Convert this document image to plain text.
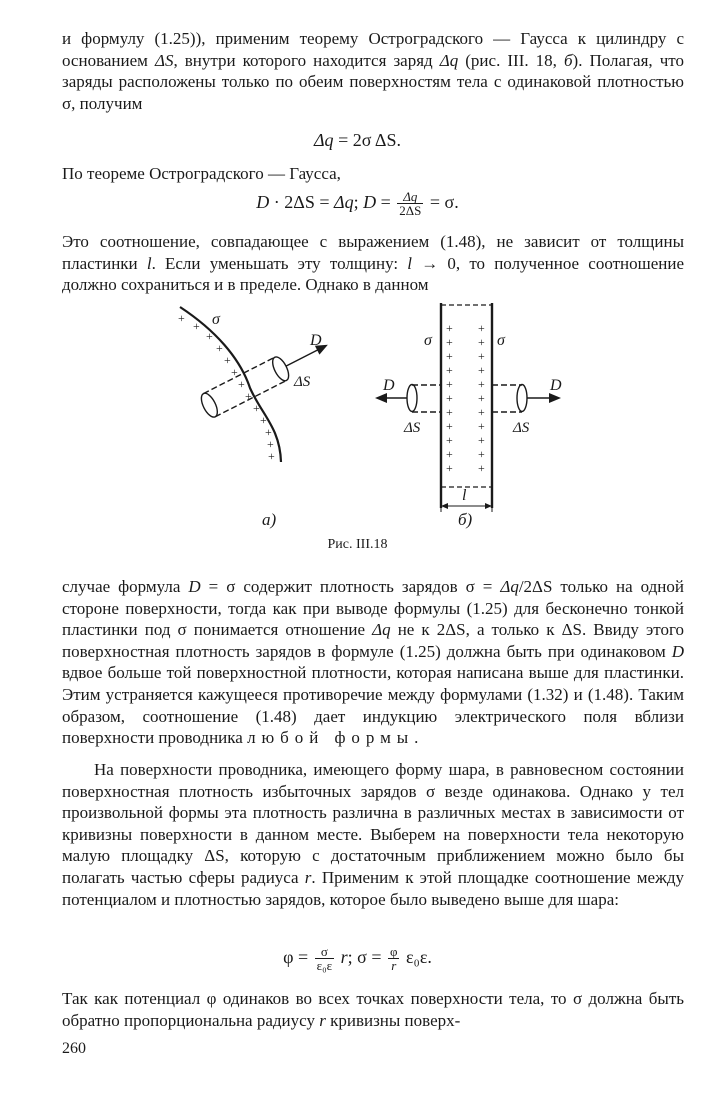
и формулу (1.25)), применим теорему Остроградского — Гаусса к цилиндру с основанием ΔS, внутри которого находится заряд Δq (рис. III. 18, б). Полагая, что заряды расположены только по обеим поверхностям тела с одинаковой плотностью σ, получим

Δq = 2σ ΔS.

По теореме Остроградского — Гаусса,

D · 2ΔS = Δq; $D = \frac{\Delta q}{2\Delta S} = \sigma$.

Это соотношение, совпадающее с выражением (1.48), не зависит от толщины пластинки l. Если уменьшать эту толщину: l → 0, то полученное соотношение должно сохраниться и в пределе. Однако в данном

+
+
+
+
+
+
+
+
+
+
+
+
+
σ
D
ΔS
а)
+
+
+
+
+
+
+
+
+
+
+
+
+
+
+
+
+
+
+
+
+
+
σ	σ
D	D
ΔS	ΔS
l
б)
Рис. III.18

случае формула D = σ содержит плотность зарядов σ = Δq/2ΔS только на одной стороне поверхности, тогда как при выводе формулы (1.25) для бесконечно тонкой пластинки под σ понимается отношение Δq не к 2ΔS, а только к ΔS. Ввиду этого поверхностная плотность зарядов в формуле (1.25) должна быть при одинаковом D вдвое больше той поверхностной плотности, которая написана выше для пластинки. Этим устраняется кажущееся противоречие между формулами (1.32) и (1.48). Таким образом, соотношение (1.48) дает индукцию электрического поля вблизи поверхности проводника любой формы.

На поверхности проводника, имеющего форму шара, в равновесном состоянии поверхностная плотность избыточных зарядов σ везде одинакова. Однако у тел произвольной формы эта плотность различна в различных местах в зависимости от кривизны поверхности в данном месте. Выберем на поверхности тела некоторую малую площадку ΔS, которую с достаточным приближением можно было бы полагать частью сферы радиуса r. Применим к этой площадке соотношение между потенциалом и плотностью зарядов, которое было выведено выше для шара:

$\varphi = \frac{\sigma}{\text{ε₀ε}} r$; $\sigma = \frac{\varphi}{r} \varepsilon_0\varepsilon$.

Так как потенциал φ одинаков во всех точках поверхности тела, то σ должна быть обратно пропорциональна радиусу r кривизны поверх-

260
